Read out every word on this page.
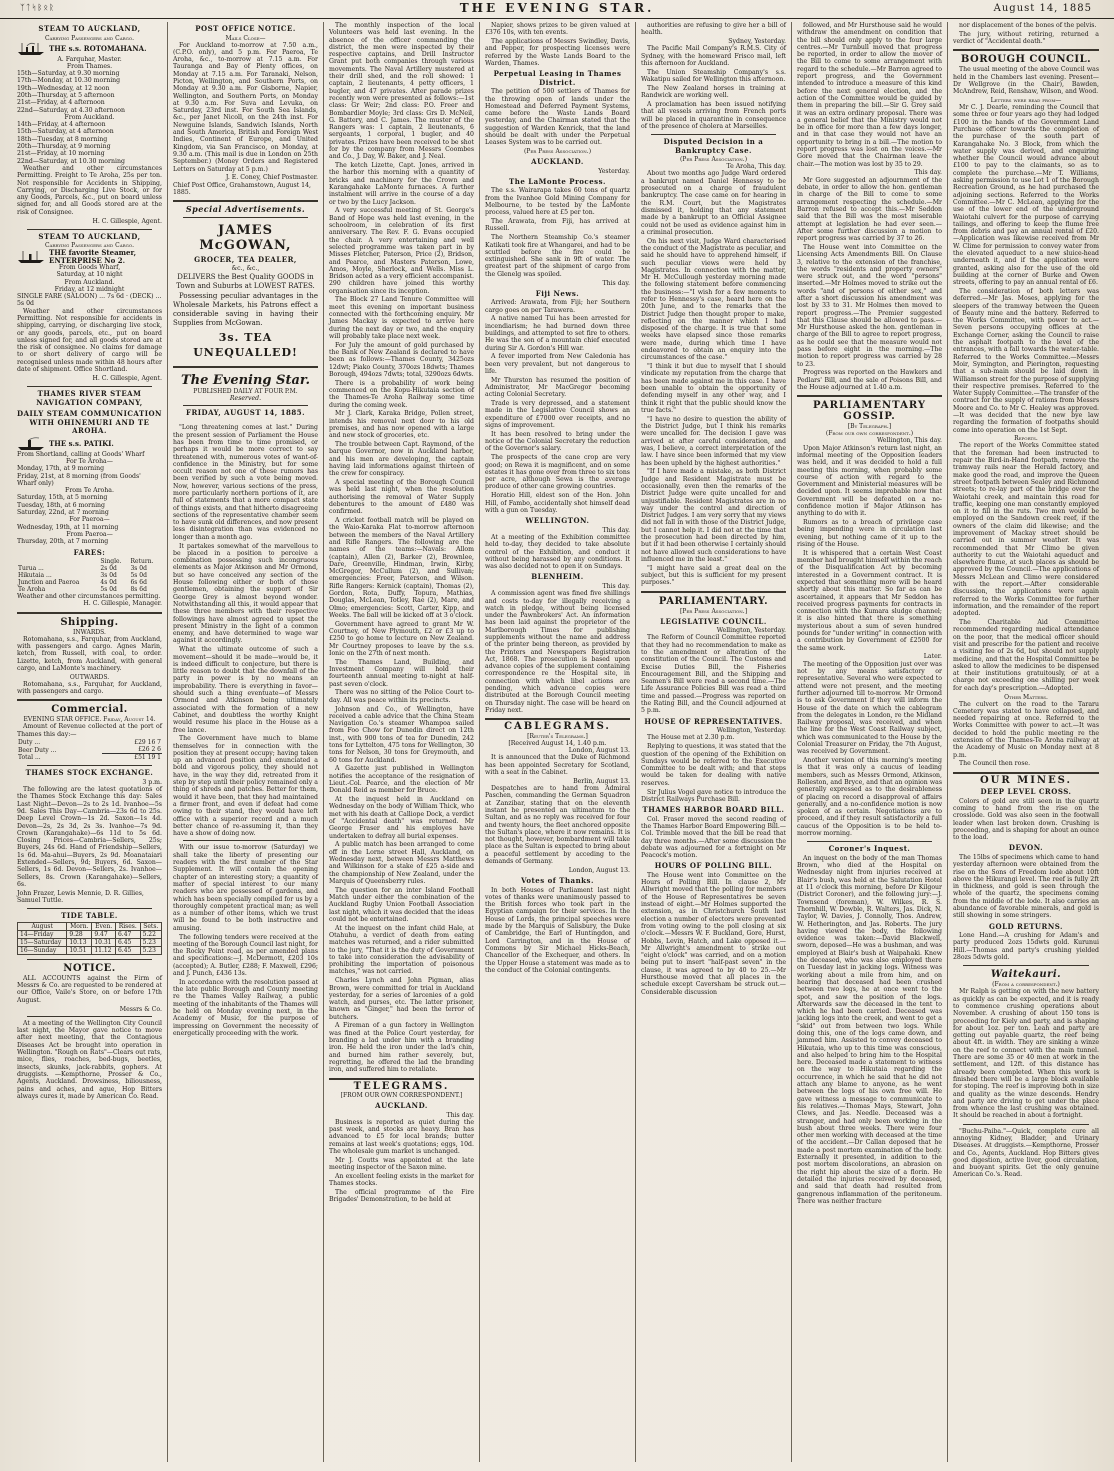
ᛉᛏᛋᛒᛟᚱ	THE EVENING STAR.	August 14, 1885
STEAM TO AUCKLAND,
Carrying Passengers and Cargo.
THE s.s. ROTOMAHANA.
A. Farquhar, Master.
From Thames.
15th—Saturday, at 9.30 morning
17th—Monday, at 10.30 morning
19th—Wednesday, at 12 noon
20th—Thursday, at 5 afternoon
21st—Friday, at 4 afternoon
22nd—Saturday, at 4.30 afternoon
From Auckland.
14th—Friday, at 4 afternoon
15th—Saturday, at 4 afternoon
18th—Tuesday, at 8 morning
20th—Thursday, at 9 morning
21st—Friday, at 10 morning
22nd—Saturday, at 10.30 morning

Weather and other circumstances Permitting. Freight to Te Aroha, 25s per ton. Not responsible for Accidents in Shipping, Carrying, or Discharging Live Stock, or for any Goods, Parcels, &c., put on board unless signed for, and all Goods stored are at the risk of Consignee.

H. C. Gillespie, Agent.
STEAM TO AUCKLAND,
Carrying Passengers and Cargo.
THE favorite Steamer, ENTERPRISE No 2.
From Goods Wharf,
Saturday, at 10 night
From Auckland.
Friday, at 12 midnight
SINGLE FARE (SALOON) ... 7s 6d · (DECK) ... 5s 0d

Weather and other circumstances Permitting. Not responsible for accidents in shipping, carrying, or discharging live stock, or any goods, parcels, etc., put on board unless signed for, and all goods stored are at the risk of consignee. No claims for damage to or short delivery of cargo will be recognised unless made within 48 hours after date of shipment. Office Shortland.

H. C. Gillespie, Agent.
THAMES RIVER STEAM NAVIGATION COMPANY,
DAILY STEAM COMMUNICATION WITH OHINEMURI AND TE AROHA.
THE s.s. PATIKI.
From Shortland, calling at Goods' Wharf
For Te Aroha—
Monday, 17th, at 9 morning
Friday, 21st, at 8 morning (from Goods' Wharf only)
From Te Aroha.
Saturday, 15th, at 5 morning
Tuesday, 18th, at 6 morning
Saturday, 22nd, at 7 morning
For Paeroa—
Wednesday, 19th, at 11 morning
From Paeroa—
Thursday, 20th, at 7 morning
FARES:
	Single.	Return.
Turua ...	2s 0d	3s 0d
Hikutaia ...	3s 0d	5s 0d
Junction and Paeroa	4s 0d	6s 6d
Te Aroha	5s 0d	8s 6d
Weather and other circumstances permitting.
H. C. Gillespie, Manager.
Shipping.
INWARDS.

Rotomahana, s.s., Farquhar, from Auckland, with passengers and cargo. Agnes Marin, ketch, from Russell, with coal, to order. Lizette, ketch, from Auckland, with general cargo, and LaMonte's machinery.

OUTWARDS.

Rotomahana, s.s., Farquhar, for Auckland, with passengers and cargo.

Commercial.
EVENING STAR OFFICE. Friday, August 14.

Amount of Revenue collected at the port of Thames this day:—

Duty ...	£29 16 7
Beer Duty ...	£26 2 6
Total ...	£51 19 1
THAMES STOCK EXCHANGE.
3 p.m.

The following are the latest quotations of the Thames Stock Exchange this day: Sales Last Night—Devon—2s to 2s 1d. Ivanhoe—5s 9d. Sales This Day—Cambria—23s 6d to 25s. Deep Level Crown—1s 2d. Saxon—1s 4d. Devon—2s, 2s 3d, 2s 3s. Ivanhoe—7s 9d. Crown (Karangahake)—6s 11d to 5s 6d. Closing Prices—Cambria—Sellers, 25s; Buyers, 24s 6d. Hand of Friendship—Sellers, 1s 6d. Ma-ahui—Buyers, 2s 9d. Moanataiari Extended—Sellers, 9d; Buyers, 6d. Saxon—Sellers, 1s 6d. Devon—Sellers, 2s. Ivanhoe—Sellers, 8s. Crown (Karangahake)—Sellers, 6s.

John Frazer, Lewis Mennie, D. R. Gillies, Samuel Tuttle.
TIDE TABLE.
August	Morn.	Even.	Rises.	Sets.
14—Friday	9.28	9.47	6.47	5.22
15—Saturday	10.13	10.31	6.45	5.23
16—Sunday	10.51	11.12	6.45	5.23
NOTICE.

ALL ACCOUNTS against the Firm of Messrs & Co. are requested to be rendered at our Office, Vaile's Store, on or before 17th August.

Messrs & Co.

At a meeting of the Wellington City Council last night, the Mayor gave notice to move after next meeting, that the Contagious Diseases Act be brought into operation in Wellington. "Rough on Rats"—Clears out rats, mice, flies, roaches, bed-bugs, beetles, insects, skunks, jack-rabbits, gophers. At druggists. —Kempthorne, Prosser & Co., Agents, Auckland. Drowsiness, biliousness, pains and aches, and ague, Hop Bitters always cures it, made by American Co. Read.

POST OFFICE NOTICE.
Mails Close—

For Auckland to-morrow at 7.50 a.m., (C.P.O. only), and 5 p.m. For Paeroa, Te Aroha, &c., to-morrow at 7.15 a.m. For Tauranga and Bay of Plenty offices, on Monday at 7.15 a.m. For Taranaki, Nelson, Picton, Wellington, and Southern Ports, on Monday at 9.30 a.m. For Gisborne, Napier, Wellington, and Southern Ports, on Monday at 9.30 a.m. For Suva and Levuka, on Saturday, 23rd inst. For South Sea Islands, &c., per Janet Nicoll, on the 24th inst. For Newguine Islands, Sandwich Islands, North and South America, British and Foreign West Indies, Continent of Europe, and United Kingdom, via San Francisco, on Monday, at 9.30 a.m. (This mail is due in London on 25th September.) (Money Orders and Registered Letters on Saturday at 5 p.m.)

J. E. Coney, Chief Postmaster.
Chief Post Office, Grahamstown, August 14, 1885.
Special Advertisements.
JAMES McGOWAN,
GROCER, TEA DEALER,
&c., &c.,

DELIVERS the Best Quality GOODS in Town and Suburbs at LOWEST RATES.

Possessing peculiar advantages in the Wholesale Markets, his Patrons effect a considerable saving in having their Supplies from McGowan.

3s. TEA UNEQUALLED!
The Evening Star.
PUBLISHED DAILY AT FOUR P.M.
Reserved.
FRIDAY, AUGUST 14, 1885.

"Long threatening comes at last." During the present session of Parliament the House has been from time to time promised, or perhaps it would be more correct to say threatened with, numerous votes of want-of-confidence in the Ministry, but for some occult reason not one of these rumors has been verified by such a vote being moved. Now, however, various sections of the press, more particularly northern portions of it, are full of statements that a more compact state of things exists, and that hitherto disagreeing sections of the representative chamber seem to have sunk old differences, and now present less disintegration than was evidenced no longer than a month ago.

It partakes somewhat of the marvellous to be placed in a position to perceive a combination possessing such incongruous elements as Major Atkinson and Mr Ormond, but so have conceived any section of the House following either or both of those gentlemen, obtaining the support of Sir George Grey is almost beyond wonder. Notwithstanding all this, it would appear that these three members with their respective followings have almost agreed to upset the present Ministry in the light of a common enemy, and have determined to wage war against it accordingly.

What the ultimate outcome of such a movement—should it be made—would be, it is indeed difficult to conjecture, but there is little reason to doubt that the downfall of the party in power is by no means an improbability. There is everything in favor—should such a thing eventuate—of Messrs Ormond and Atkinson being ultimately associated with the formation of a new Cabinet, and doubtless the worthy Knight would resume his place in the House as a free lance.

The Government have much to blame themselves for in connection with the position they at present occupy; having taken up an advanced position and enunciated a bold and vigorous policy, they should not have, in the way they did, retreated from it step by step until their policy remained only a thing of shreds and patches. Better for them, would it have been, that they had maintained a firmer front, and even if defeat had come owing to their stand, they would have left office with a superior record and a much better chance of re-assuming it, than they have a show of doing now.

With our issue to-morrow (Saturday) we shall take the liberty of presenting our readers with the first number of the Star Supplement. It will contain the opening chapter of an interesting story; a quantity of matter of special interest to our many readers who are possessed of gardens, and which has been specially compiled for us by a thoroughly competent practical man; as well as a number of other items, which we trust will be found to be both instructive and amusing.

The following tenders were received at the meeting of the Borough Council last night, for the Rocky Point road, as per amended plans and specifications:—J. McDermott, £203 10s (accepted); A. Butler, £288; F. Maxwell, £296; and J. Punch, £436 13s.

In accordance with the resolution passed at the late public Borough and County meeting re the Thames Valley Railway, a public meeting of the inhabitants of the Thames will be held on Monday evening next, in the Academy of Music, for the purpose of impressing on Government the necessity of energetically proceeding with the work.

The monthly inspection of the local Volunteers was held last evening. In the absence of the officer commanding the district, the men were inspected by their respective captains, and Drill Instructor Grant put both companies through various movements. The Naval Artillery mustered at their drill shed, and the roll showed: 1 captain, 2 lieutenants, 4 petty officers, 1 bugler, and 47 privates. After parade prizes recently won were presented as follows:—1st class: Gr Weir; 2nd class: P.O. Freer and Bombardier Moyle; 3rd class: Grs D. McNeil, G. Battery, and C. James. The muster of the Rangers was: 1 captain, 2 lieutenants, 6 sergeants, 1 corporal, 1 bugler, and 40 privates. Prizes have been received to be shot for by the company from Messrs Coombes and Co., J. Day, W. Baker, and J. Neal.

The ketch Lizette, Capt. Jones, arrived in the harbor this morning with a quantity of bricks and machinery for the Crown and Karangahake LaMonte furnaces. A further instalment will arrive in the course of a day or two by the Lucy Jackson.

A very successful meeting of St. George's Band of Hope was held last evening, in the schoolroom, in celebration of its first anniversary. The Rev. F. G. Evans occupied the chair. A very entertaining and well selected programme was taken part in by Misses Fletcher, Paterson, Price (2), Bridson, and Pearce, and Masters Paterson, Lowe, Amos, Moyle, Sherlock, and Wells. Miss L. Bridson acted as a very efficient accompanist. 290 children have joined this worthy organisation since its inception.

The Block 27 Land Tenure Committee will meet this evening on important business connected with the forthcoming enquiry. Mr James Mackay is expected to arrive here during the next day or two, and the enquiry will probably take place next week.

For July the amount of gold purchased by the Bank of New Zealand is declared to have been as follows:—Thames County, 3425ozs 12dwt; Piako County, 370ozs 18dwts; Thames Borough, 494ozs 7dwts; total, 3290ozs 6dwts.

There is a probability of work being commenced on the Kopu-Hikutaia section of the Thames-Te Aroha Railway some time during the coming week.

Mr J. Clark, Karaka Bridge, Pollen street, intends his removal next door to his old premises, and has now opened with a large and new stock of groceries, etc.

The trouble between Capt. Raymond, of the barque Governor, now in Auckland harbor, and his men are developing, the captain having laid informations against thirteen of the crew for conspiracy.

A special meeting of the Borough Council was held last night, when the resolution authorising the removal of Water Supply debentures to the amount of £480 was confirmed.

A cricket football match will be played on the Waio-Karaka Flat to-morrow afternoon between the members of the Naval Artillery and Rifle Rangers. The following are the names of the teams:—Navals: Allom (captain), Allen (2), Barker (2), Brownlee, Dare, Greenville, Hindman, Irwin, Kirby, McGregor, McCullum (2), and Sullivan; emergencies: Freer, Paterson, and Wilson. Rifle Rangers: Kernick (captain), Thomas (2), Gordon, Rota, Duffy, Topura, Mathias, Douglas, McLean, Totley, Rae (2), Mare, and Olmo; emergencies: Scott, Carter, Kipp, and Weeks. The ball will be kicked off at 3 o'clock.

Government have agreed to grant Mr W. Courtney, of New Plymouth, £2 or £3 up to £250 to go home to lecture on New Zealand. Mr Courtney proposes to leave by the s.s. Ionic on the 27th of next month.

The Thames Land, Building, and Investment Company will hold their fourteenth annual meeting to-night at half-past seven o'clock.

There was no sitting of the Police Court to-day. All was peace within its precincts.

Johnson and Co., of Wellington, have received a cable advice that the China Steam Navigation Co.'s steamer Whampoa sailed from Foo Chow for Dunedin direct on 12th inst., with 900 tons of tea for Dunedin, 242 tons for Lyttelton, 475 tons for Wellington, 30 tons for Nelson, 30 tons for Greymouth, and 60 tons for Auckland.

A Gazette just published in Wellington notifies the acceptance of the resignation of Lieut.-Col. Pearce, and the election of Mr Donald Reid as member for Bruce.

At the inquest held in Auckland on Wednesday on the body of William Thick, who met with his death at Calliope Dock, a verdict of "Accidental death" was returned. Mr George Fraser and his employes have undertaken to defray all burial expenses.

A public match has been arranged to come off in the Lorne street Hall, Auckland, on Wednesday next, between Messrs Matthews and Wilkinson for a stake of £25 a-side and the championship of New Zealand, under the Marquis of Queensberry rules.

The question for an inter Island Football Match under either the combination of the Auckland Rugby Union Football Association last night, which it was decided that the ideas could not be entertained.

At the inquest on the infant child Hale, at Otahuhu, a verdict of death from eating matches was returned, and a rider submitted to the jury, "That it is the duty of Government to take into consideration the advisability of prohibiting the importation of poisonous matches," was not carried.

Charles Lynch and John Pigman, alias Brown, were committed for trial in Auckland yesterday, for a series of larcenies of a gold watch, and purses, etc. The latter prisoner, known as "Ginger," had been the terror of butchers.

A Fireman of a gun factory in Wellington was fined at the Police Court yesterday, for branding a lad under him with a branding iron. He held the iron under the lad's chin, and burned him rather severely, but, regretting, he offered the lad the branding iron, and suffered him to retaliate.

TELEGRAMS.
[FROM OUR OWN CORRESPONDENT.]
AUCKLAND.
This day.

Business is reported as quiet during the past week, and stocks are heavy. Bran has advanced to £5 for local brands; butter remains at last week's quotations; eggs, 10d. The wholesale gum market is unchanged.

Mr J. Coutts was appointed at the late meeting inspector of the Saxon mine.

An excellent feeling exists in the market for Thames stocks.

The official programme of the Fire Brigades' Demonstration, to be held at

Napier, shows prizes to be given valued at £376 10s, with ten events.

The applications of Messrs Swindley, Davis, and Pepper, for prospecting licenses were referred by the Waste Lands Board to the Warden, Thames.

Perpetual Leasing in Thames District.

The petition of 500 settlers of Thames for the throwing open of lands under the Homestead and Deferred Payment Systems, came before the Waste Lands Board yesterday, and the Chairman stated that the suggestion of Warden Kenrick, that the land should be dealt with under the Perpetual Leases System was to be carried out.

(Per Press Association.)
AUCKLAND.
Yesterday.
The LaMonte Process.

The s.s. Wairarapa takes 60 tons of quartz from the Ivanhoe Gold Mining Company for Melbourne, to be tested by the LaMonte process, valued here at £5 per ton.

The Arawata, from Fiji, has arrived at Russell.

The Northern Steamship Co.'s steamer Katikati took fire at Whangarei, and had to be scuttled before the fire could be extinguished. She sank in 9ft of water. The greatest part of the shipment of cargo from the Glenelg was spoiled.

This day.
Fiji News.

Arrived: Arawata, from Fiji; her Southern cargo goes on per Tarawera.

A native named Tui has been arrested for incendiarism; he had burned down three buildings, and attempted to set fire to others. He was the son of a mountain chief executed during Sir A. Gordon's Hill war.

A fever imported from New Caledonia has been very prevalent, but not dangerous to life.

Mr Thurston has resumed the position of Administrator, Mr MacGregor becoming acting Colonial Secretary.

Trade is very depressed, and a statement made in the Legislative Council shows an expenditure of £7000 over receipts, and no signs of improvement.

It has been resolved to bring under the notice of the Colonial Secretary the reduction of the Governor's salary.

The prospects of the cane crop are very good; on Rewa it is magnificent, and on some estates it has gone over from three to six tons per acre, although Sewa is the average produce of other cane growing countries.

Horatio Hill, eldest son of the Hon. John Hill, of Fambo, accidentally shot himself dead with a gun on Tuesday.

WELLINGTON.
This day.

At a meeting of the Exhibition committee held to-day, they decided to take absolute control of the Exhibition, and conduct it without being harassed by any conditions. It was also decided not to open it on Sundays.

BLENHEIM.
This day.

A commission agent was fined five shillings and costs to-day for illegally receiving a watch in pledge, without being licensed under the Pawnbrokers' Act. An information has been laid against the proprietor of the Marlborough Times for publishing supplements without the name and address of the printer being thereon, as provided by the Printers and Newspapers Registration Act, 1868. The prosecution is based upon advance copies of the supplement containing correspondence re the Hospital site, in connection with which libel actions are pending, which advance copies were distributed at the Borough Council meeting on Thursday night. The case will be heard on Friday next.

CABLEGRAMS.
[Reuter's Telegrams.]
[Received August 14, 1.40 p.m.
London, August 13.

It is announced that the Duke of Richmond has been appointed Secretary for Scotland, with a seat in the Cabinet.

Berlin, August 13.

Despatches are to hand from Admiral Paschen, commanding the German Squadron at Zanzibar, stating that on the eleventh instant he presented an ultimatum to the Sultan, and as no reply was received for four and twenty hours, the fleet anchored opposite the Sultan's place, where it now remains. It is not thought, however, bombardment will take place as the Sultan is expected to bring about a peaceful settlement by acceding to the demands of Germany.

London, August 13.
Votes of Thanks.

In both Houses of Parliament last night votes of thanks were unanimously passed to the British forces who took part in the Egyptian campaign for their services. In the House of Lords, the principal speeches were made by the Marquis of Salisbury, the Duke of Cambridge, the Earl of Huntingdon, and Lord Carrington, and in the House of Commons by Sir Michael Hicks-Beach, Chancellor of the Exchequer, and others. In the Upper House a statement was made as to the conduct of the Colonial contingents.

authorities are refusing to give her a bill of health.

Sydney, Yesterday.

The Pacific Mail Company's R.M.S. City of Sydney, with the homeward Frisco mail, left this afternoon for Auckland.

The Union Steamship Company's s.s. Wakatipu sailed for Wellington this afternoon.

The New Zealand horses in training at Randwick are working well.

A proclamation has been issued notifying that all vessels arriving from French ports will be placed in quarantine in consequence of the presence of cholera at Marseilles.

Disputed Decision in a Bankruptcy Case.
(Per Press Association.)
Te Aroha, This day.

About two months ago Judge Ward ordered a bankrupt named Daniel Hennessy to be prosecuted on a charge of fraudulent bankruptcy. The case came on for hearing in the R.M. Court, but the Magistrates dismissed it, holding that any statement made by a bankrupt to an Official Assignee could not be used as evidence against him in a criminal prosecution.

On his next visit, Judge Ward characterised the conduct of the Magistrate as peculiar, and said he should have to apprehend himself, if such peculiar views were held by Magistrates. In connection with the matter, Mr H. McCullough yesterday morning made the following statement before commencing the business:—"I wish for a few moments to refer to Hennessy's case, heard here on the 20th June, and to the remarks that the District Judge then thought proper to make, reflecting on the manner which I had disposed of the charge. It is true that some weeks have elapsed since those remarks were made, during which time I have endeavored to obtain an enquiry into the circumstances of the case."

"I think it but due to myself that I should vindicate my reputation from the charge that has been made against me in this case. I have been unable to obtain the opportunity of defending myself in any other way, and I think it right that the public should know the true facts."

"I have no desire to question the ability of the District Judge, but I think his remarks were uncalled for. The decision I gave was arrived at after careful consideration, and was, I believe, a correct interpretation of the law. I have since been informed that my view has been upheld by the highest authorities."

"If I have made a mistake, as both District Judge and Resident Magistrate must be occasionally, even then the remarks of the District Judge were quite uncalled for and unjustifiable. Resident Magistrates are in no way under the control and direction of District Judges. I am very sorry that my views did not fall in with those of the District Judge, but I cannot help it. I did not at the time that the prosecution had been directed by him, but if it had been otherwise I certainly should not have allowed such considerations to have influenced me in the least."

"I might have said a great deal on the subject, but this is sufficient for my present purposes."

PARLIAMENTARY.
[Per Press Association.]
LEGISLATIVE COUNCIL.
Wellington, Yesterday.

The Reform of Council Committee reported that they had no recommendation to make as to the amendment or alteration of the constitution of the Council. The Customs and Excise Duties Bill, the Fisheries Encouragement Bill, and the Shipping and Seamen's Bill were read a second time.—The Life Assurance Policies Bill was read a third time and passed.—Progress was reported on the Rating Bill, and the Council adjourned at 5 p.m.

HOUSE OF REPRESENTATIVES.
Wellington, Yesterday.

The House met at 2.30 p.m.

Replying to questions, it was stated that the question of the opening of the Exhibition on Sundays would be referred to the Executive Committee to be dealt with; and that steps would be taken for dealing with native reserves.

Sir Julius Vogel gave notice to introduce the District Railways Purchase Bill.

THAMES HARBOR BOARD BILL.

Col. Fraser moved the second reading of the Thames Harbor Board Empowering Bill.—Col. Trimble moved that the bill be read that day three months.—After some discussion the debate was adjourned for a fortnight on Mr Peacock's motion.

HOURS OF POLLING BILL.

The House went into Committee on the Hours of Polling Bill. In clause 2, Mr Allwright moved that the polling for members of the House of Representatives be seven instead of eight.—Mr Holmes supported the extension, as in Christchurch South last election a number of electors were prevented from voting owing to the poll closing at six o'clock.—Messrs W. F. Buckland, Gore, Hurst, Hobbs, Levin, Hatch, and Lake opposed it.—Mr Allwright's amendment to strike out "eight o'clock" was carried, and on a motion being put to insert "half-past seven" in the clause, it was agreed to by 40 to 25.—Mr Hursthouse moved that all places in the schedule except Caversham be struck out.—Considerable discussion

followed, and Mr Hursthouse said he would withdraw the amendment on condition that the bill should only apply to the four large centres.—Mr Turnbull moved that progress be reported, in order to allow the mover of the Bill to come to some arrangement with regard to the schedule.—Mr Barron agreed to report progress, and the Government intended to introduce a measure of this kind before the next general election, and the action of the Committee would be guided by them in preparing the bill.—Sir G. Grey said it was an extra ordinary proposal. There was a general belief that the Ministry would not be in office for more than a few days longer, and in that case they would not have an opportunity to bring in a bill.—The motion to report progress was lost on the voices.—Mr Gore moved that the Chairman leave the chair.—The motion was lost by 35 to 29.

This day.

Mr Gore suggested an adjournment of the debate, in order to allow the hon. gentleman in charge of the Bill to come to some arrangement respecting the schedule.—Mr Barron refused to accept this.—Mr Seddon said that the Bill was the most miserable attempt at legislation he had ever seen.—After some further discussion a motion to report progress was carried by 37 to 26.

The House went into Committee on the Licensing Acts Amendments Bill. On Clause 3, relative to the extension of the franchise, the words "residents and property owners" were struck out, and the word "persons" inserted.—Mr Holmes moved to strike out the words "and of persons of either sex," and after a short discussion his amendment was lost by 33 to 31. Mr Holmes then moved to report progress.—The Premier suggested that this Clause should be allowed to pass.—Mr Hursthouse asked the hon. gentleman in charge of the Bill to agree to report progress, as he could see that the measure would not pass before eight in the morning.—The motion to report progress was carried by 28 to 23.

Progress was reported on the Hawkers and Pedlars' Bill, and the sale of Poisons Bill, and the House adjourned at 1.40 a.m.

PARLIAMENTARY GOSSIP.
[By Telegraph.]
(From our own correspondent.)
Wellington, This day.

Upon Major Atkinson's return last night, an informal meeting of the Opposition leaders was held, and it was decided to hold a full meeting this morning, when probably some course of action with regard to the Government and Ministerial measures will be decided upon. It seems improbable now that Government will be defeated on a no-confidence motion if Major Atkinson has anything to do with it.

Rumors as to a breach of privilege case being impending were in circulation last evening, but nothing came of it up to the rising of the House.

It is whispered that a certain West Coast member had brought himself within the reach of the Disqualification Act by becoming interested in a Government contract. It is expected that something more will be heard shortly about this matter. So far as can be ascertained, it appears that Mr Seddon has received progress payments for contracts in connection with the Kumara sludge channel; it is also hinted that there is something mysterious about a sum of seven hundred pounds for "under writing" in connection with a contribution by Government of £2500 for the same work.

Later.

The meeting of the Opposition just over was not by any means satisfactory or representative. Several who were expected to attend were not present, and the meeting further adjourned till to-morrow. Mr Ormond is to ask Government if they will inform the House of the date on which the cablegram from the delegates in London, re the Midland Railway proposal, was received, and when the line for the West Coast Railway subject, which was communicated to the House by the Colonial Treasurer on Friday, the 7th August, was received by Government.

Another version of this morning's meeting is that it was only a caucus of leading members, such as Messrs Ormond, Atkinson, Rolleston, and Bryce, and that an opinion was generally expressed as to the desirableness of placing on record a disapproval of affairs generally, and a no-confidence motion is now spoken of as certain. Negotiations are to proceed, and if they result satisfactorily a full caucus of the Opposition is to be held to-morrow morning.

Coroner's Inquest.

An inquest on the body of the man Thomas Brown, who died at the Hospital on Wednesday night from injuries received at Blair's bush, was held at the Salutation Hotel at 11 o'clock this morning, before Dr Kilgour (District Coroner), and the following jury:—J. Townsend (foreman), W. Wilkes, R. S. Thornhill, W. Dowble, R. Walters, Jas. Dick, N. Taylor, W. Davies, J. Connolly, Thos. Andrew, W. Hetherington, and Jas. Roberts. The jury having viewed the body, the following evidence was taken:—David Blackwell, sworn, deposed—He was a bushman, and was employed at Blair's bush at Waipahaki. Knew the deceased, who was also employed there on Tuesday last in jacking logs. Witness was working about a mile from him, and on hearing that deceased had been crushed between two logs, he at once went to the spot, and saw the position of the logs. Afterwards saw the deceased in the tent to which he had been carried. Deceased was jacking logs into the creek, and went to get a "skid" out from between two logs. While doing this, one of the logs came down, and jammed him. Assisted to convey deceased to Hikutaia, who up to this time was conscious, and also helped to bring him to the Hospital here. Deceased made a statement to witness on the way to Hikutaia regarding the occurrence, in which he said that he did not attach any blame to anyone, as he went between the logs of his own free will. He gave witness a message to communicate to his relatives.—Thomas Mays, Stewart, John Clews, and Jas. Needle. Deceased was a stranger, and had only been working in the bush about three weeks. There were four other men working with deceased at the time of the accident.—Dr Callan deposed that he made a post mortem examination of the body. Externally it presented, in addition to the post mortem discolorations, an abrasion on the right hip about the size of a florin. He detailed the injuries received by deceased, and said that death had resulted from gangrenous inflammation of the peritoneum. There was neither fracture

nor displacement of the bones of the pelvis.

The jury, without retiring, returned a verdict of "Accidental death."

BOROUGH COUNCIL.

The usual meeting of the above Council was held in the Chambers last evening. Present—Dr Wellgrove (in the Chair), Bawden, McAndrew, Reid, Renshaw, Wilson, and Wood.

Letters were read from—

Mr C. J. Dearle, reminding the Council that some three or four years ago they had lodged £100 in the hands of the Government Land Purchase officer towards the completion of the purchase of the south part of Karangahake No. 3 Block, from which the water supply was derived, and enquiring whether the Council would advance about £100 to pay to the claimants, so as to complete the purchase.—Mr T. Williams, asking permission to use Lot 1 of the Borough Recreation Ground, as he had purchased the adjoining sections. Referred to the Works Committee.—Mr C. McLean, applying for the use of the lower end of the underground Waiotahi culvert for the purpose of carrying tailings, and offering to keep the flume free from debris and pay an annual rental of £20.—Application was likewise received from Mr W. Clime for permission to convey water from the elevated aqueduct to a new sluice-head underneath it, and if the application were granted, asking also for the use of the old building at the corner of Burke and Owen streets, offering to pay an annual rental of £6.

The consideration of both letters was deferred.—Mr Jas. Moses, applying for the sleepers of the tramway between the Queen of Beauty mine and the battery. Referred to the Works Committee, with power to act.—Seven persons occupying offices at the Exchange Corner, asking the Council to raise the asphalt footpath to the level of the entrances, with a fall towards the water-table. Referred to the Works Committee.—Messrs Moir, Symington, and Pierington, requesting that a sub-main should be laid down in Williamson street for the purpose of supplying their respective premises. Referred to the Water Supply Committee.—The transfer of the contract for the supply of rations from Messrs Moore and Co. to Mr C. Healey was approved.—It was decided that the new bye law regarding the formation of footpaths should come into operation on the 1st Sept.

Reports.

The report of the Works Committee stated that the foreman had been instructed to repair the Bird-in-Hand footpath, remove the tramway rails near the Herald factory, and make good the road, and improve the Queen street footpath between Sealey and Richmond streets; to re-lay part of the bridge over the Waiotahi creek, and maintain this road for traffic, keeping one man constantly employed on it to fill in the ruts. Two men would be employed on the Sandown creek reef, if the owners of the claim did likewise; and the improvement of Mackay street should be carried out in summer weather. It was recommended that Mr Climo be given authority to cut the Waiotahi aqueduct and elsewhere flume, at such places as should be approved by the Council.—The applications of Messrs McLean and Climo were considered with the report.—After considerable discussion, the applications were again referred to the Works Committee for further information, and the remainder of the report adopted.

The Charitable Aid Committee recommended regarding medical attendance on the poor, that the medical officer should visit and prescribe for the patient and receive a visiting fee of 2s 6d, but should not supply medicine, and that the Hospital Committee be asked to allow the medicines to be dispensed at their institutions gratuitously, or at a charge not exceeding one shilling per week for each day's prescription.—Adopted.

Other Matters.

The culvert on the road to the Tararu Cemetery was stated to have collapsed, and needed repairing at once. Referred to the Works Committee with power to act.—It was decided to hold the public meeting re the extension of the Thames-Te Aroha railway at the Academy of Music on Monday next at 8 p.m.

The Council then rose.

OUR MINES.
DEEP LEVEL CROSS.

Colors of gold are still seen in the quartz coming to hand from the rise on the crosslode. Gold was also seen in the footwall leader when last broken down. Crushing is proceeding, and is shaping for about an ounce to the load.

DEVON.

The 15lbs of specimens which came to hand yesterday afternoon were obtained from the rise on the Sons of Freedom lode about 10ft above the Hikurangi level. The reef is fully 2ft in thickness, and gold is seen through the whole of the quartz, the specimens coming from the middle of the lode. It also carries an abundance of favorable minerals, and gold is still showing in some stringers.

GOLD RETURNS.

Lone Hand.—A crushing for Adam's and party produced 2ozs 15dwts gold. Kurunui Hill.—Thomas and party's crushing yielded 28ozs 5dwts gold.

Waitekauri.
(From a correspondent.)

Mr Ralph is getting on with the new battery as quickly as can be expected, and it is ready to commence crushing operations about November. A crushing of about 150 tons is proceeding for Kiely and party, and is shaping for about 1oz. per ton. Leah and party are getting out payable quartz, the reef being about 4ft. in width. They are sinking a winze on the reef to connect with the main tunnel. There are some 35 or 40 men at work in the settlement, and 12ft. of this distance has already been completed. When this work is finished there will be a large block available for stoping. The reef is improving both in size and quality as the winze descends. Hendry and party are driving to get under the place from whence the last crushing was obtained. It should be reached in about a fortnight.

"Buchu-Paiba."—Quick, complete cure all annoying Kidney, Bladder, and Urinary Diseases. At druggists.—Kempthorne, Prosser and Co., Agents, Auckland. Hop Bitters gives good digestion, active liver, good circulation, and buoyant spirits. Get the only genuine American Co.'s. Read.
